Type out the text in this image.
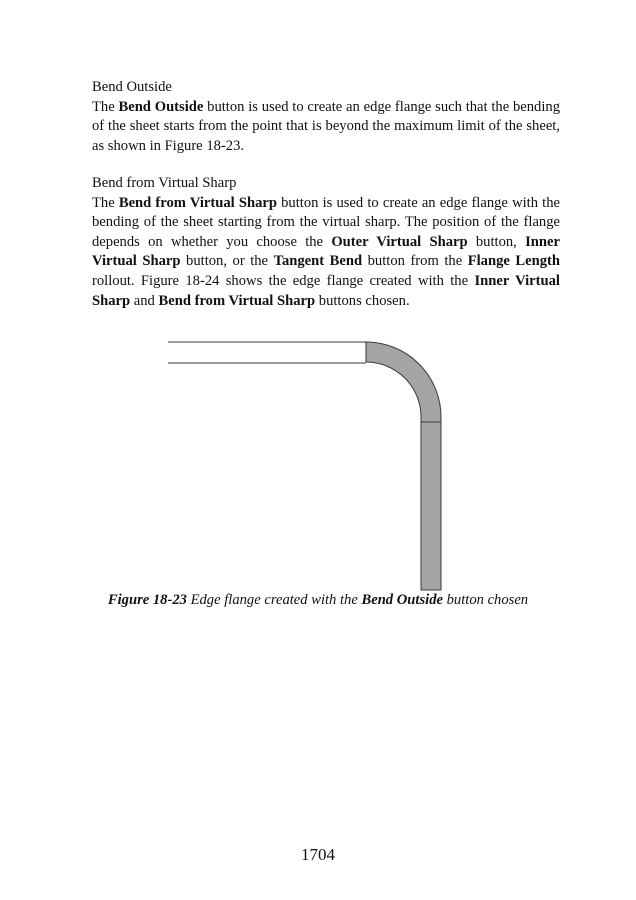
Bend Outside

The Bend Outside button is used to create an edge flange such that the bending of the sheet starts from the point that is beyond the maximum limit of the sheet, as shown in Figure 18-23.

Bend from Virtual Sharp

The Bend from Virtual Sharp button is used to create an edge flange with the bending of the sheet starting from the virtual sharp. The position of the flange depends on whether you choose the Outer Virtual Sharp button, Inner Virtual Sharp button, or the Tangent Bend button from the Flange Length rollout. Figure 18-24 shows the edge flange created with the Inner Virtual Sharp and Bend from Virtual Sharp buttons chosen.

Figure 18-23 Edge flange created with the Bend Outside button chosen
1704
